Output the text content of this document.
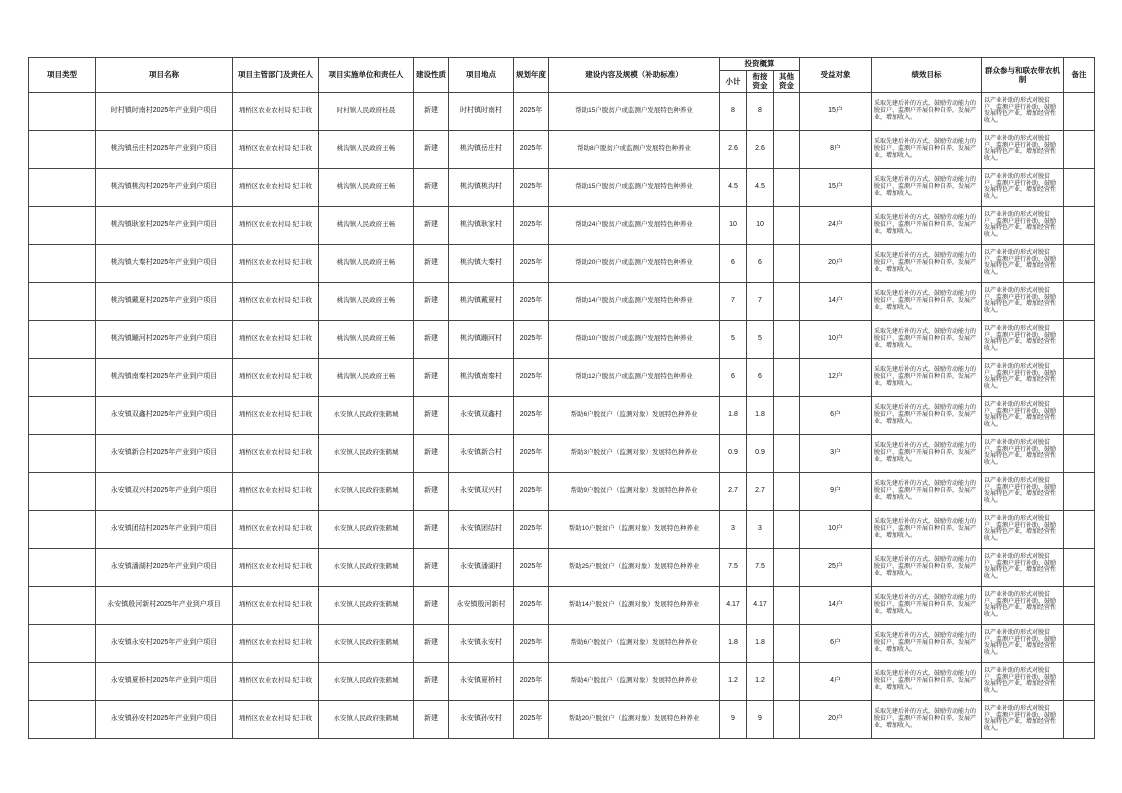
项目类型	项目名称	项目主管部门及责任人	项目实施单位和责任人	建设性质	项目地点	规划年度	建设内容及规模（补助标准）	投资概算			受益对象	绩效目标	群众参与和联农带农机制	备注
								小计	衔接资金	其他资金				
	时村镇时南村2025年产业到户项目	埇桥区农业农村局 纪丰收	时村镇人民政府桂晨	新建	时村镇时南村	2025年	帮助15户脱贫户或监测户发展特色种养业	8	8		15户	采取先建后补的方式，鼓励劳动能力的脱贫户、监测户开展自种自养，发展产业，增加收入。	以产业补助的形式对脱贫户、监测户进行补助，鼓励发展特色产业，增加经营性收入。	
	桃沟镇岳庄村2025年产业到户项目	埇桥区农业农村局 纪丰收	桃沟镇人民政府王畅	新建	桃沟镇岳庄村	2025年	帮助8户脱贫户或监测户发展特色种养业	2.6	2.6		8户	采取先建后补的方式，鼓励劳动能力的脱贫户、监测户开展自种自养，发展产业，增加收入。	以产业补助的形式对脱贫户、监测户进行补助，鼓励发展特色产业，增加经营性收入。	
	桃沟镇桃沟村2025年产业到户项目	埇桥区农业农村局 纪丰收	桃沟镇人民政府王畅	新建	桃沟镇桃沟村	2025年	帮助15户脱贫户或监测户发展特色种养业	4.5	4.5		15户	采取先建后补的方式，鼓励劳动能力的脱贫户、监测户开展自种自养，发展产业，增加收入。	以产业补助的形式对脱贫户、监测户进行补助，鼓励发展特色产业，增加经营性收入。	
	桃沟镇耿家村2025年产业到户项目	埇桥区农业农村局 纪丰收	桃沟镇人民政府王畅	新建	桃沟镇耿家村	2025年	帮助24户脱贫户或监测户发展特色种养业	10	10		24户	采取先建后补的方式，鼓励劳动能力的脱贫户、监测户开展自种自养，发展产业，增加收入。	以产业补助的形式对脱贫户、监测户进行补助，鼓励发展特色产业，增加经营性收入。	
	桃沟镇大秦村2025年产业到户项目	埇桥区农业农村局 纪丰收	桃沟镇人民政府王畅	新建	桃沟镇大秦村	2025年	帮助20户脱贫户或监测户发展特色种养业	6	6		20户	采取先建后补的方式，鼓励劳动能力的脱贫户、监测户开展自种自养，发展产业，增加收入。	以产业补助的形式对脱贫户、监测户进行补助，鼓励发展特色产业，增加经营性收入。	
	桃沟镇戴夏村2025年产业到户项目	埇桥区农业农村局 纪丰收	桃沟镇人民政府王畅	新建	桃沟镇戴夏村	2025年	帮助14户脱贫户或监测户发展特色种养业	7	7		14户	采取先建后补的方式，鼓励劳动能力的脱贫户、监测户开展自种自养，发展产业，增加收入。	以产业补助的形式对脱贫户、监测户进行补助，鼓励发展特色产业，增加经营性收入。	
	桃沟镇蹦河村2025年产业到户项目	埇桥区农业农村局 纪丰收	桃沟镇人民政府王畅	新建	桃沟镇蹦河村	2025年	帮助10户脱贫户或监测户发展特色种养业	5	5		10户	采取先建后补的方式，鼓励劳动能力的脱贫户、监测户开展自种自养，发展产业，增加收入。	以产业补助的形式对脱贫户、监测户进行补助，鼓励发展特色产业，增加经营性收入。	
	桃沟镇南秦村2025年产业到户项目	埇桥区农业农村局 纪丰收	桃沟镇人民政府王畅	新建	桃沟镇南秦村	2025年	帮助12户脱贫户或监测户发展特色种养业	6	6		12户	采取先建后补的方式，鼓励劳动能力的脱贫户、监测户开展自种自养，发展产业，增加收入。	以产业补助的形式对脱贫户、监测户进行补助，鼓励发展特色产业，增加经营性收入。	
	永安镇双鑫村2025年产业到户项目	埇桥区农业农村局 纪丰收	永安镇人民政府张鹤城	新建	永安镇双鑫村	2025年	帮助6户脱贫户（监测对象）发展特色种养业	1.8	1.8		6户	采取先建后补的方式，鼓励劳动能力的脱贫户、监测户开展自种自养，发展产业，增加收入。	以产业补助的形式对脱贫户、监测户进行补助，鼓励发展特色产业，增加经营性收入。	
	永安镇新合村2025年产业到户项目	埇桥区农业农村局 纪丰收	永安镇人民政府张鹤城	新建	永安镇新合村	2025年	帮助3户脱贫户（监测对象）发展特色种养业	0.9	0.9		3户	采取先建后补的方式，鼓励劳动能力的脱贫户、监测户开展自种自养，发展产业，增加收入。	以产业补助的形式对脱贫户、监测户进行补助，鼓励发展特色产业，增加经营性收入。	
	永安镇双兴村2025年产业到户项目	埇桥区农业农村局 纪丰收	永安镇人民政府张鹤城	新建	永安镇双兴村	2025年	帮助9户脱贫户（监测对象）发展特色种养业	2.7	2.7		9户	采取先建后补的方式，鼓励劳动能力的脱贫户、监测户开展自种自养，发展产业，增加收入。	以产业补助的形式对脱贫户、监测户进行补助，鼓励发展特色产业，增加经营性收入。	
	永安镇团结村2025年产业到户项目	埇桥区农业农村局 纪丰收	永安镇人民政府张鹤城	新建	永安镇团结村	2025年	帮助10户脱贫户（监测对象）发展特色种养业	3	3		10户	采取先建后补的方式，鼓励劳动能力的脱贫户、监测户开展自种自养，发展产业，增加收入。	以产业补助的形式对脱贫户、监测户进行补助，鼓励发展特色产业，增加经营性收入。	
	永安镇潘湖村2025年产业到户项目	埇桥区农业农村局 纪丰收	永安镇人民政府张鹤城	新建	永安镇潘湖村	2025年	帮助25户脱贫户（监测对象）发展特色种养业	7.5	7.5		25户	采取先建后补的方式，鼓励劳动能力的脱贫户、监测户开展自种自养，发展产业，增加收入。	以产业补助的形式对脱贫户、监测户进行补助，鼓励发展特色产业，增加经营性收入。	
	永安镇殷河新村2025年产业到户项目	埇桥区农业农村局 纪丰收	永安镇人民政府张鹤城	新建	永安镇殷河新村	2025年	帮助14户脱贫户（监测对象）发展特色种养业	4.17	4.17		14户	采取先建后补的方式，鼓励劳动能力的脱贫户、监测户开展自种自养，发展产业，增加收入。	以产业补助的形式对脱贫户、监测户进行补助，鼓励发展特色产业，增加经营性收入。	
	永安镇永安村2025年产业到户项目	埇桥区农业农村局 纪丰收	永安镇人民政府张鹤城	新建	永安镇永安村	2025年	帮助6户脱贫户（监测对象）发展特色种养业	1.8	1.8		6户	采取先建后补的方式，鼓励劳动能力的脱贫户、监测户开展自种自养，发展产业，增加收入。	以产业补助的形式对脱贫户、监测户进行补助，鼓励发展特色产业，增加经营性收入。	
	永安镇夏桥村2025年产业到户项目	埇桥区农业农村局 纪丰收	永安镇人民政府张鹤城	新建	永安镇夏桥村	2025年	帮助4户脱贫户（监测对象）发展特色种养业	1.2	1.2		4户	采取先建后补的方式，鼓励劳动能力的脱贫户、监测户开展自种自养，发展产业，增加收入。	以产业补助的形式对脱贫户、监测户进行补助，鼓励发展特色产业，增加经营性收入。	
	永安镇孙安村2025年产业到户项目	埇桥区农业农村局 纪丰收	永安镇人民政府张鹤城	新建	永安镇孙安村	2025年	帮助20户脱贫户（监测对象）发展特色种养业	9	9		20户	采取先建后补的方式，鼓励劳动能力的脱贫户、监测户开展自种自养，发展产业，增加收入。	以产业补助的形式对脱贫户、监测户进行补助，鼓励发展特色产业，增加经营性收入。	
